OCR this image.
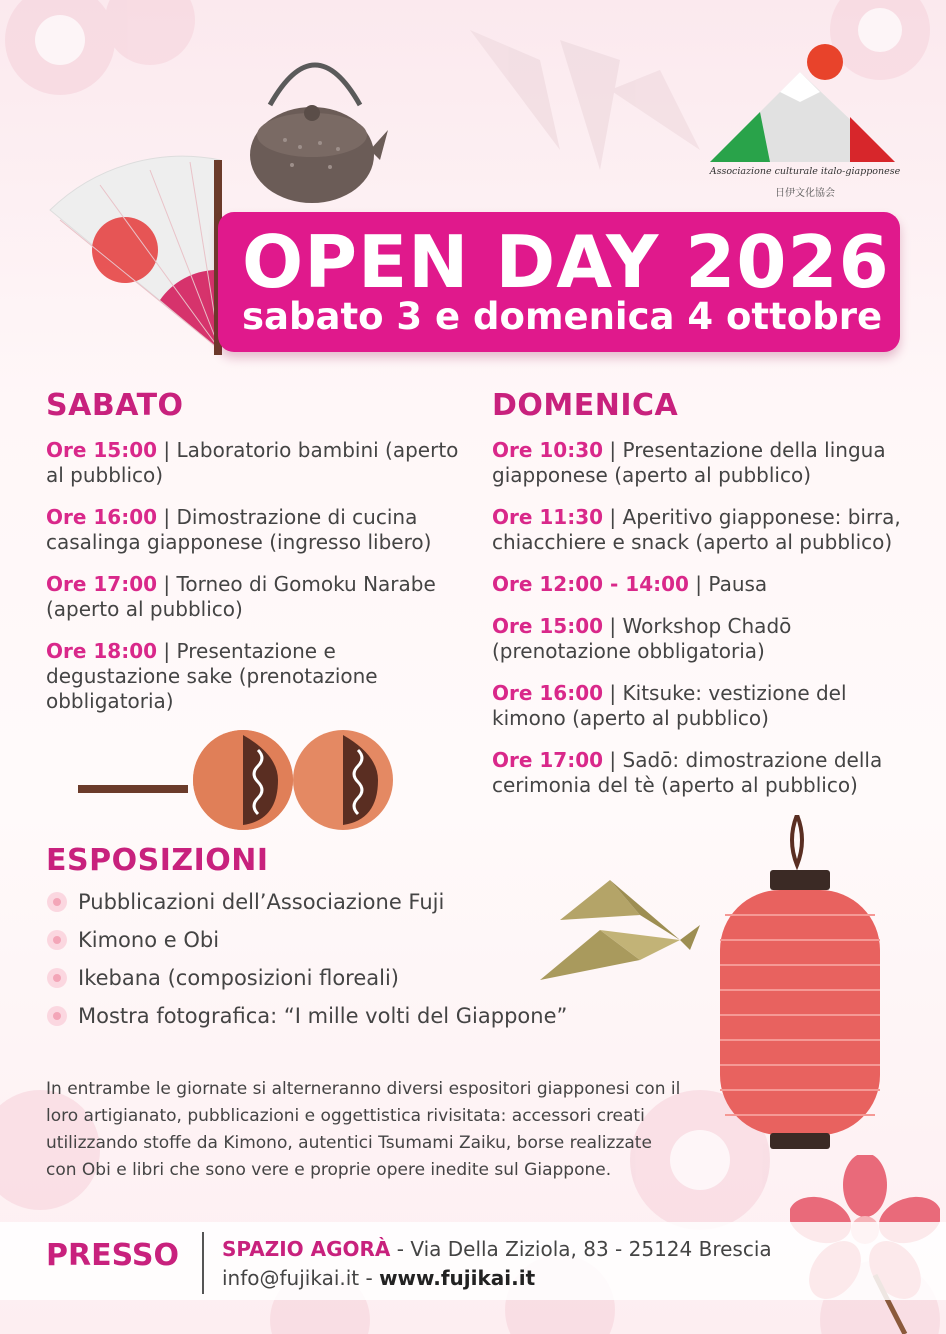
Associazione culturale italo-giapponese
日伊文化協会
OPEN DAY 2026
sabato 3 e domenica 4 ottobre
SABATO
Ore 15:00 | Laboratorio bambini (aperto al pubblico)
Ore 16:00 | Dimostrazione di cucina casalinga giapponese (ingresso libero)
Ore 17:00 | Torneo di Gomoku Narabe (aperto al pubblico)
Ore 18:00 | Presentazione e degustazione sake (prenotazione obbligatoria)
DOMENICA
Ore 10:30 | Presentazione della lingua giapponese (aperto al pubblico)
Ore 11:30 | Aperitivo giapponese: birra, chiacchiere e snack (aperto al pubblico)
Ore 12:00 - 14:00 | Pausa
Ore 15:00 | Workshop Chadō (prenotazione obbligatoria)
Ore 16:00 | Kitsuke: vestizione del kimono (aperto al pubblico)
Ore 17:00 | Sadō: dimostrazione della cerimonia del tè (aperto al pubblico)
ESPOSIZIONI
Pubblicazioni dell’Associazione Fuji
Kimono e Obi
Ikebana (composizioni floreali)
Mostra fotografica: “I mille volti del Giappone”
In entrambe le giornate si alterneranno diversi espositori giapponesi con il loro artigianato, pubblicazioni e oggettistica rivisitata: accessori creati utilizzando stoffe da Kimono, autentici Tsumami Zaiku, borse realizzate con Obi e libri che sono vere e proprie opere inedite sul Giappone.
PRESSO SPAZIO AGORÀ - Via Della Ziziola, 83 - 25124 Brescia
info@fujikai.it - www.fujikai.it
